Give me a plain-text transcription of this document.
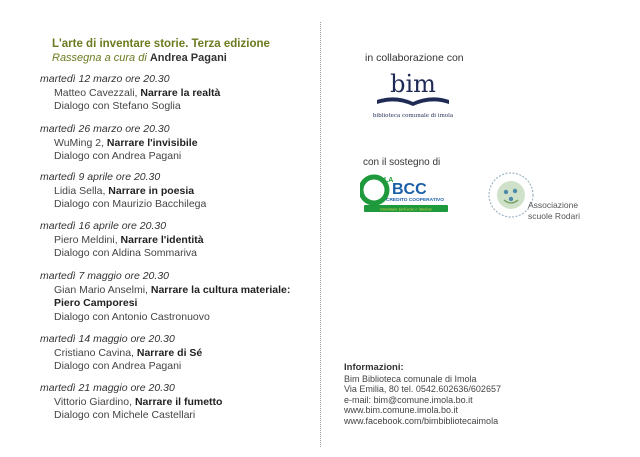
L'arte di inventare storie. Terza edizione
Rassegna a cura di Andrea Pagani
martedì 12 marzo ore 20.30
Matteo Cavezzali, Narrare la realtà
Dialogo con Stefano Soglia
martedì 26 marzo ore 20.30
WuMing 2, Narrare l'invisibile
Dialogo con Andrea Pagani
martedì 9 aprile ore 20.30
Lidia Sella, Narrare in poesia
Dialogo con Maurizio Bacchilega
martedì 16 aprile ore 20.30
Piero Meldini, Narrare l'identità
Dialogo con Aldina Sommariva
martedì 7 maggio ore 20.30
Gian Mario Anselmi, Narrare la cultura materiale:
Piero Camporesi
Dialogo con Antonio Castronuovo
martedì 14 maggio ore 20.30
Cristiano Cavina, Narrare di Sé
Dialogo con Andrea Pagani
martedì 21 maggio ore 20.30
Vittorio Giardino, Narrare il fumetto
Dialogo con Michele Castellari
in collaborazione con
bim
biblioteca comunale di imola
con il sostegno di
LA
BCC
CREDITO COOPERATIVO
ravennate forlivese e imolese	Associazione
scuole Rodari
Informazioni:
Bim Biblioteca comunale di Imola
Via Emilia, 80 tel. 0542.602636/602657
e-mail: bim@comune.imola.bo.it
www.bim.comune.imola.bo.it
www.facebook.com/bimbibliotecaimola
